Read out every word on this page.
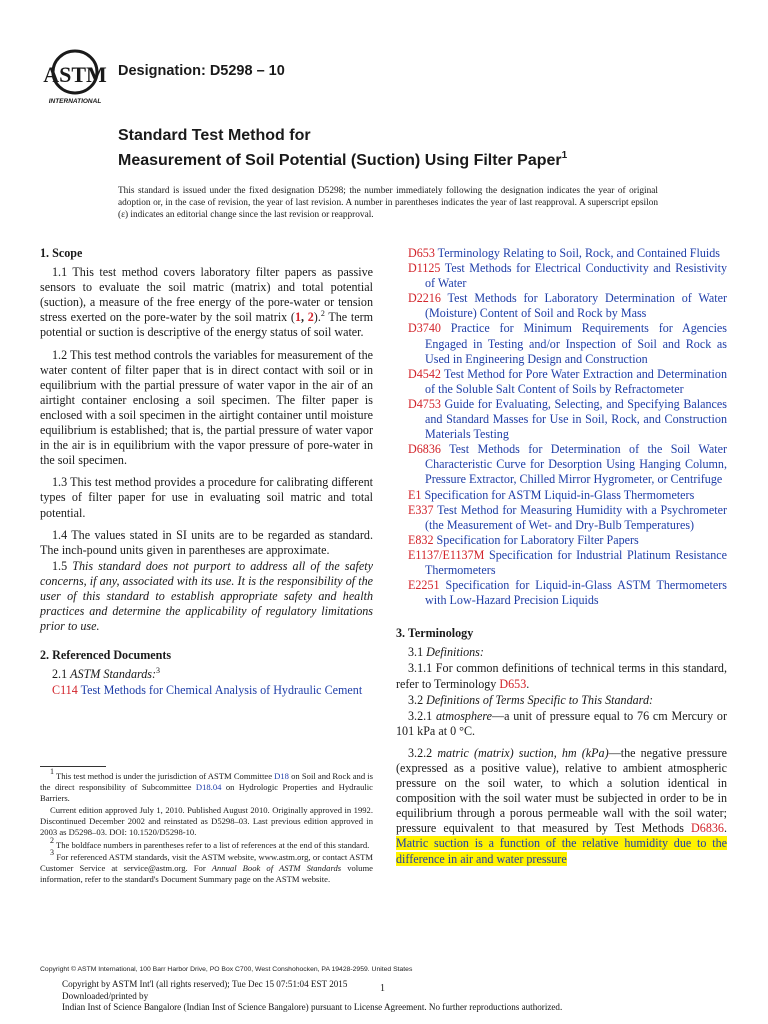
ASTM
INTERNATIONAL
Designation: D5298 – 10
Standard Test Method for
Measurement of Soil Potential (Suction) Using Filter Paper$^1$
This standard is issued under the fixed designation D5298; the number immediately following the designation indicates the year of original adoption or, in the case of revision, the year of last revision. A number in parentheses indicates the year of last reapproval. A superscript epsilon (ε) indicates an editorial change since the last revision or reapproval.
1. Scope

1.1 This test method covers laboratory filter papers as passive sensors to evaluate the soil matric (matrix) and total potential (suction), a measure of the free energy of the pore-water or tension stress exerted on the pore-water by the soil matrix (1, 2).$^2$ The term potential or suction is descriptive of the energy status of soil water.

1.2 This test method controls the variables for measurement of the water content of filter paper that is in direct contact with soil or in equilibrium with the partial pressure of water vapor in the air of an airtight container enclosing a soil specimen. The filter paper is enclosed with a soil specimen in the airtight container until moisture equilibrium is established; that is, the partial pressure of water vapor in the air is in equilibrium with the vapor pressure of pore-water in the soil specimen.

1.3 This test method provides a procedure for calibrating different types of filter paper for use in evaluating soil matric and total potential.

1.4 The values stated in SI units are to be regarded as standard. The inch-pound units given in parentheses are approximate.

1.5 This standard does not purport to address all of the safety concerns, if any, associated with its use. It is the responsibility of the user of this standard to establish appropriate safety and health practices and determine the applicability of regulatory limitations prior to use.

2. Referenced Documents

2.1 ASTM Standards:$^3$

C114 Test Methods for Chemical Analysis of Hydraulic Cement

$^1$ This test method is under the jurisdiction of ASTM Committee D18 on Soil and Rock and is the direct responsibility of Subcommittee D18.04 on Hydrologic Properties and Hydraulic Barriers.

Current edition approved July 1, 2010. Published August 2010. Originally approved in 1992. Discontinued December 2002 and reinstated as D5298–03. Last previous edition approved in 2003 as D5298–03. DOI: 10.1520/D5298-10.

$^2$ The boldface numbers in parentheses refer to a list of references at the end of this standard.

$^3$ For referenced ASTM standards, visit the ASTM website, www.astm.org, or contact ASTM Customer Service at service@astm.org. For Annual Book of ASTM Standards volume information, refer to the standard's Document Summary page on the ASTM website.

D653 Terminology Relating to Soil, Rock, and Contained Fluids
D1125 Test Methods for Electrical Conductivity and Resistivity of Water
D2216 Test Methods for Laboratory Determination of Water (Moisture) Content of Soil and Rock by Mass
D3740 Practice for Minimum Requirements for Agencies Engaged in Testing and/or Inspection of Soil and Rock as Used in Engineering Design and Construction
D4542 Test Method for Pore Water Extraction and Determination of the Soluble Salt Content of Soils by Refractometer
D4753 Guide for Evaluating, Selecting, and Specifying Balances and Standard Masses for Use in Soil, Rock, and Construction Materials Testing
D6836 Test Methods for Determination of the Soil Water Characteristic Curve for Desorption Using Hanging Column, Pressure Extractor, Chilled Mirror Hygrometer, or Centrifuge
E1 Specification for ASTM Liquid-in-Glass Thermometers
E337 Test Method for Measuring Humidity with a Psychrometer (the Measurement of Wet- and Dry-Bulb Temperatures)
E832 Specification for Laboratory Filter Papers
E1137/E1137M Specification for Industrial Platinum Resistance Thermometers
E2251 Specification for Liquid-in-Glass ASTM Thermometers with Low-Hazard Precision Liquids
3. Terminology

3.1 Definitions:

3.1.1 For common definitions of technical terms in this standard, refer to Terminology D653.

3.2 Definitions of Terms Specific to This Standard:

3.2.1 atmosphere—a unit of pressure equal to 76 cm Mercury or 101 kPa at 0 °C.

3.2.2 matric (matrix) suction, hm (kPa)—the negative pressure (expressed as a positive value), relative to ambient atmospheric pressure on the soil water, to which a solution identical in composition with the soil water must be subjected in order to be in equilibrium through a porous permeable wall with the soil water; pressure equivalent to that measured by Test Methods D6836. Matric suction is a function of the relative humidity due to the difference in air and water pressure

Copyright © ASTM International, 100 Barr Harbor Drive, PO Box C700, West Conshohocken, PA 19428-2959. United States
Copyright by ASTM Int'l (all rights reserved); Tue Dec 15 07:51:04 EST 2015
Downloaded/printed by
Indian Inst of Science Bangalore (Indian Inst of Science Bangalore) pursuant to License Agreement. No further reproductions authorized.
1
